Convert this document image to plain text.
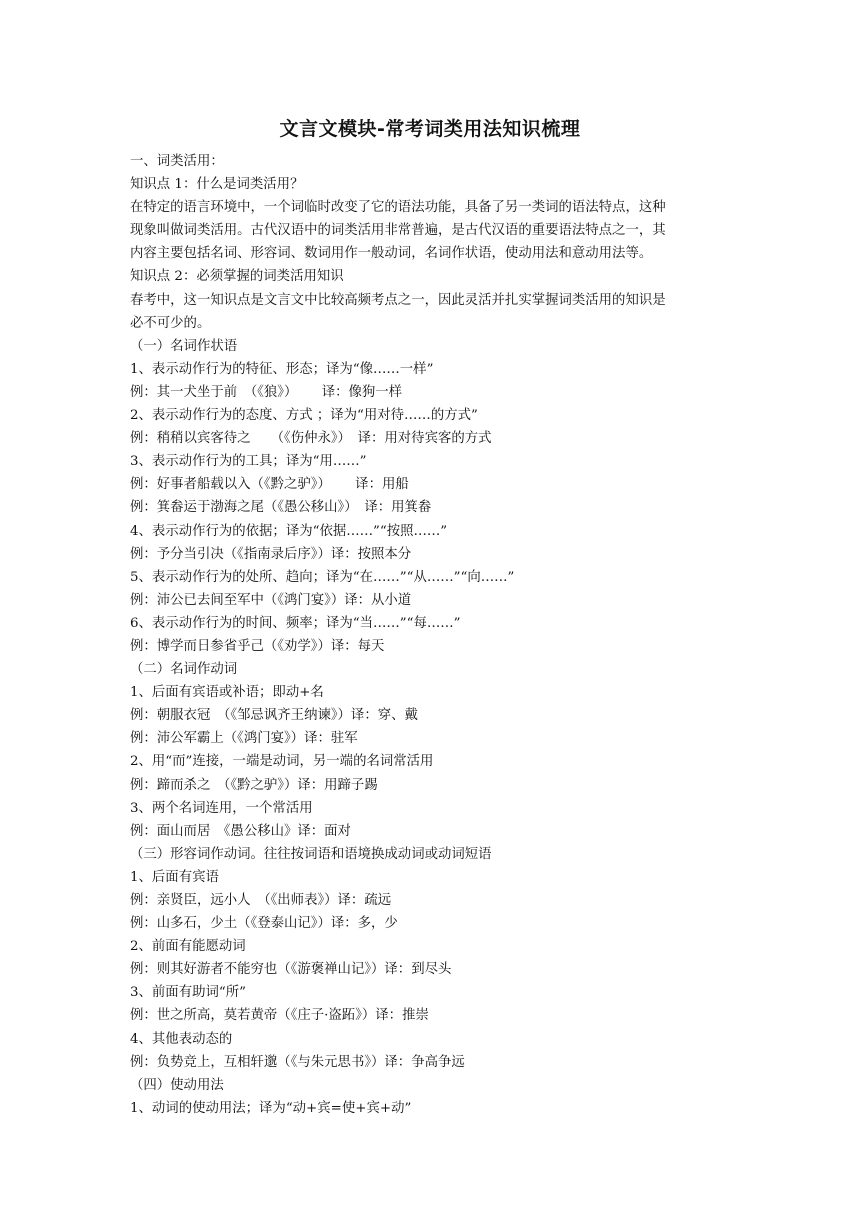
文言文模块-常考词类用法知识梳理

一、词类活用：

知识点 1：什么是词类活用？

在特定的语言环境中，一个词临时改变了它的语法功能，具备了另一类词的语法特点，这种

现象叫做词类活用。古代汉语中的词类活用非常普遍，是古代汉语的重要语法特点之一，其

内容主要包括名词、形容词、数词用作一般动词，名词作状语，使动用法和意动用法等。

知识点 2：必须掌握的词类活用知识

春考中，这一知识点是文言文中比较高频考点之一，因此灵活并扎实掌握词类活用的知识是

必不可少的。

（一）名词作状语

1、表示动作行为的特征、形态；译为“像……一样”

例：其一犬坐于前　（《狼》）　　 译：像狗一样

2、表示动作行为的态度、方式 ；译为“用对待……的方式”

例：稍稍以宾客待之　　（《伤仲永》）　译：用对待宾客的方式

3、表示动作行为的工具；译为“用……”

例：好事者船载以入（《黔之驴》）　　 译：用船

例：箕畚运于渤海之尾（《愚公移山》）　译：用箕畚

4、表示动作行为的依据；译为“依据……”“按照……”

例：予分当引决（《指南录后序》）译：按照本分

5、表示动作行为的处所、趋向；译为“在……”“从……”“向……”

例：沛公已去间至军中（《鸿门宴》）译：从小道

6、表示动作行为的时间、频率；译为“当……”“每……”

例：博学而日参省乎己（《劝学》）译：每天

（二）名词作动词

1、后面有宾语或补语；即动+名

例：朝服衣冠　（《邹忌讽齐王纳谏》）译：穿、戴

例：沛公军霸上（《鸿门宴》）译：驻军

2、用“而”连接，一端是动词，另一端的名词常活用

例：蹄而杀之　（《黔之驴》）译：用蹄子踢

3、两个名词连用，一个常活用

例：面山而居　《愚公移山》译：面对

（三）形容词作动词。往往按词语和语境换成动词或动词短语

1、后面有宾语

例：亲贤臣，远小人　（《出师表》）译：疏远

例：山多石，少土（《登泰山记》）译：多，少

2、前面有能愿动词

例：则其好游者不能穷也（《游褒禅山记》）译：到尽头

3、前面有助词“所”

例：世之所高，莫若黄帝（《庄子·盗跖》）译：推崇

4、其他表动态的

例：负势竞上，互相轩邈（《与朱元思书》）译：争高争远

（四）使动用法

1、动词的使动用法；译为“动+宾=使+宾+动”
